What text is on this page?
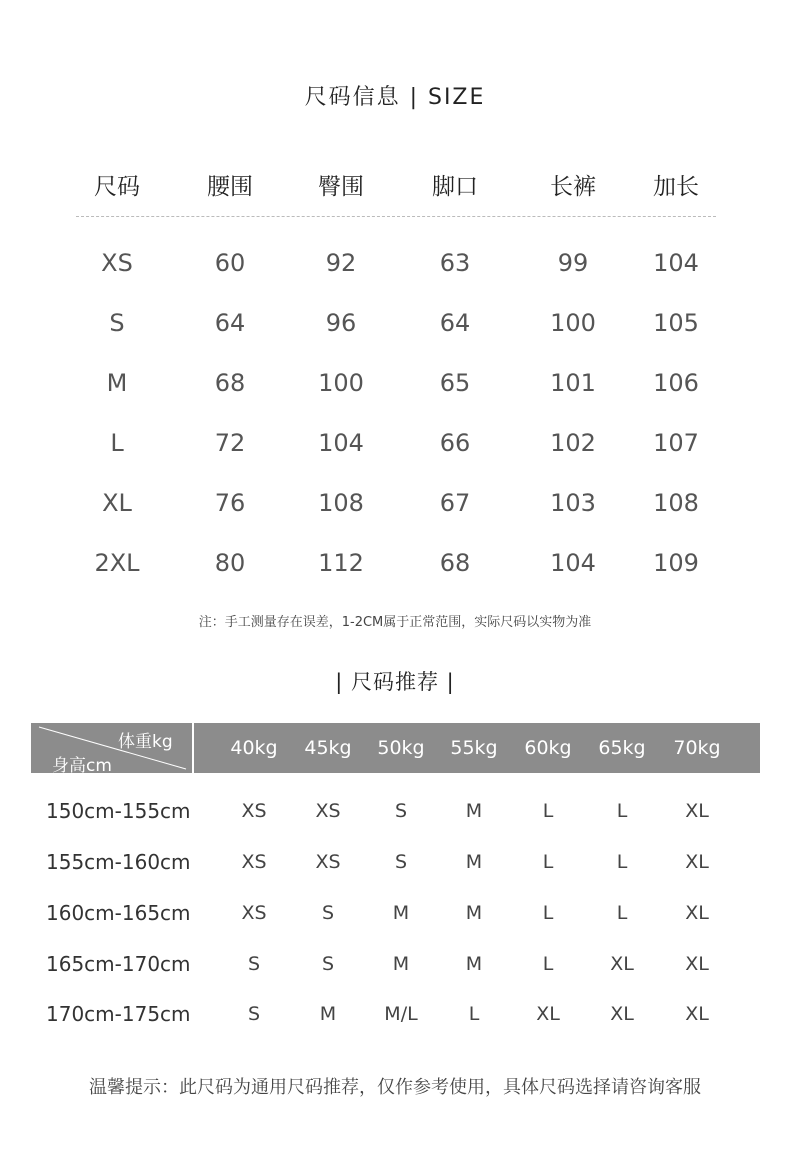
尺码信息 | SIZE
尺码	腰围	臀围	脚口	长裤	加长
XS	60	92	63	99	104
S	64	96	64	100	105
M	68	100	65	101	106
L	72	104	66	102	107
XL	76	108	67	103	108
2XL	80	112	68	104	109
注：手工测量存在误差，1-2CM属于正常范围，实际尺码以实物为准
| 尺码推荐 |
体重kg
身高cm
40kg	45kg	50kg	55kg	60kg	65kg	70kg
150cm-155cm	XS	XS	S	M	L	L	XL
155cm-160cm	XS	XS	S	M	L	L	XL
160cm-165cm	XS	S	M	M	L	L	XL
165cm-170cm	S	S	M	M	L	XL	XL
170cm-175cm	S	M	M/L	L	XL	XL	XL
温馨提示：此尺码为通用尺码推荐，仅作参考使用，具体尺码选择请咨询客服
